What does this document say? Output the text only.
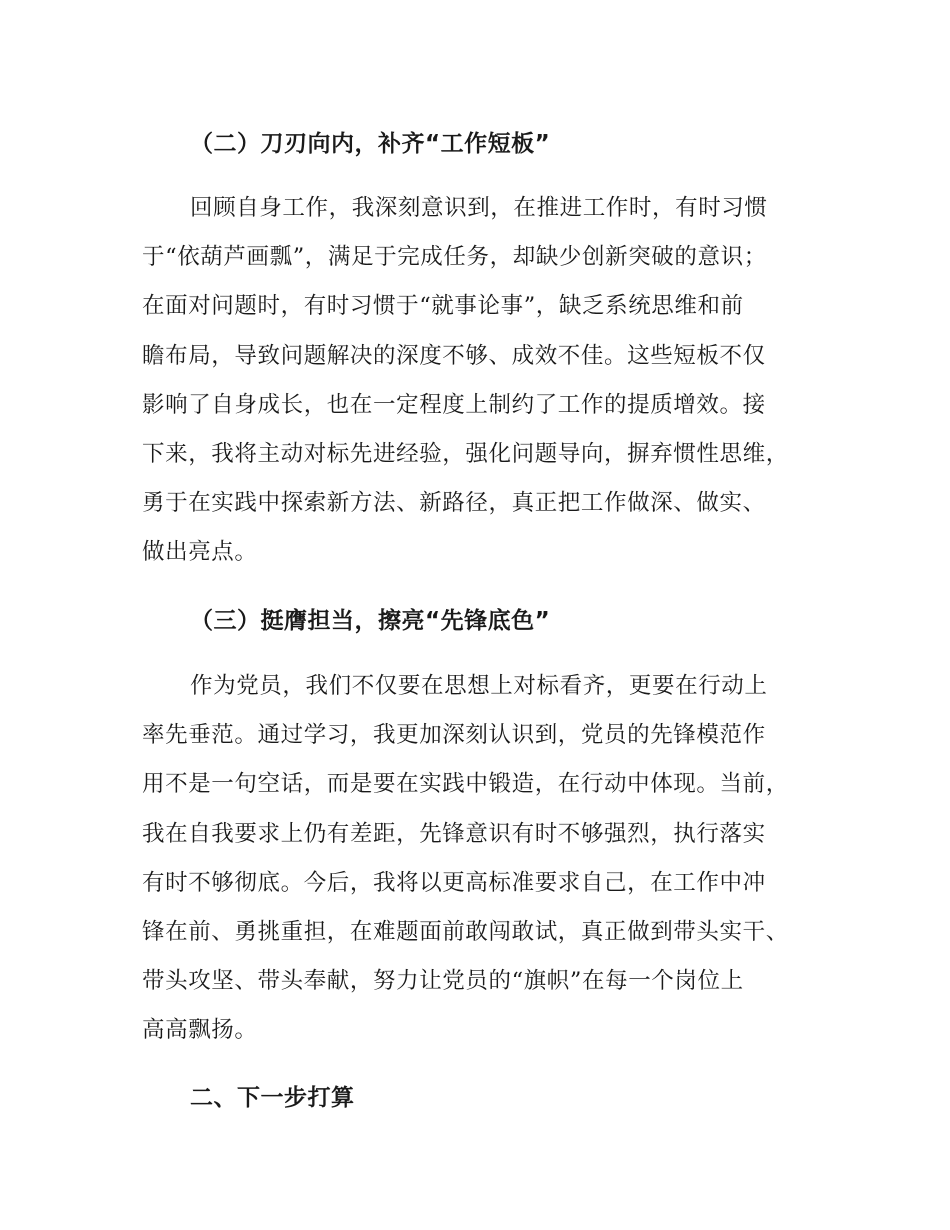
（二）刀刃向内，补齐“工作短板”

回顾自身工作，我深刻意识到，在推进工作时，有时习惯
于“依葫芦画瓢”，满足于完成任务，却缺少创新突破的意识；
在面对问题时，有时习惯于“就事论事”，缺乏系统思维和前
瞻布局，导致问题解决的深度不够、成效不佳。这些短板不仅
影响了自身成长，也在一定程度上制约了工作的提质增效。接
下来，我将主动对标先进经验，强化问题导向，摒弃惯性思维，
勇于在实践中探索新方法、新路径，真正把工作做深、做实、
做出亮点。

（三）挺膺担当，擦亮“先锋底色”

作为党员，我们不仅要在思想上对标看齐，更要在行动上
率先垂范。通过学习，我更加深刻认识到，党员的先锋模范作
用不是一句空话，而是要在实践中锻造，在行动中体现。当前，
我在自我要求上仍有差距，先锋意识有时不够强烈，执行落实
有时不够彻底。今后，我将以更高标准要求自己，在工作中冲
锋在前、勇挑重担，在难题面前敢闯敢试，真正做到带头实干、
带头攻坚、带头奉献，努力让党员的“旗帜”在每一个岗位上
高高飘扬。

二、下一步打算
